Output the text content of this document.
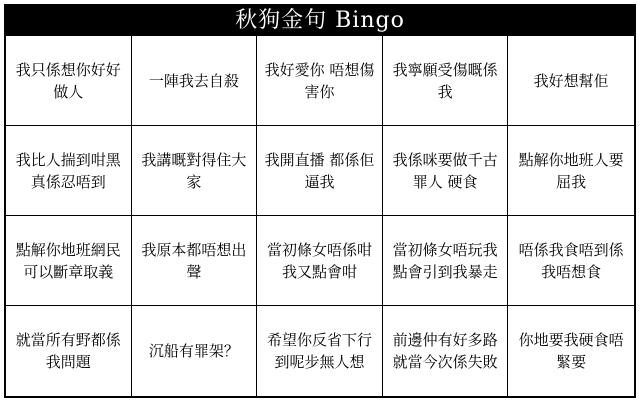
秋狗金句 Bingo
我只係想你好好做人
一陣我去自殺
我好愛你 唔想傷害你
我寧願受傷嘅係我
我好想幫佢
我比人揣到咁黑真係忍唔到
我講嘅對得住大家
我開直播 都係佢逼我
我係咪要做千古罪人 硬食
點解你地班人要屈我
點解你地班網民可以斷章取義
我原本都唔想出聲
當初條女唔係咁 我又點會咁
當初條女唔玩我 點會引到我暴走
唔係我食唔到係我唔想食
就當所有野都係我問題
沉船有罪架？
希望你反省下行到呢步無人想
前邊仲有好多路 就當今次係失敗
你地要我硬食唔緊要
